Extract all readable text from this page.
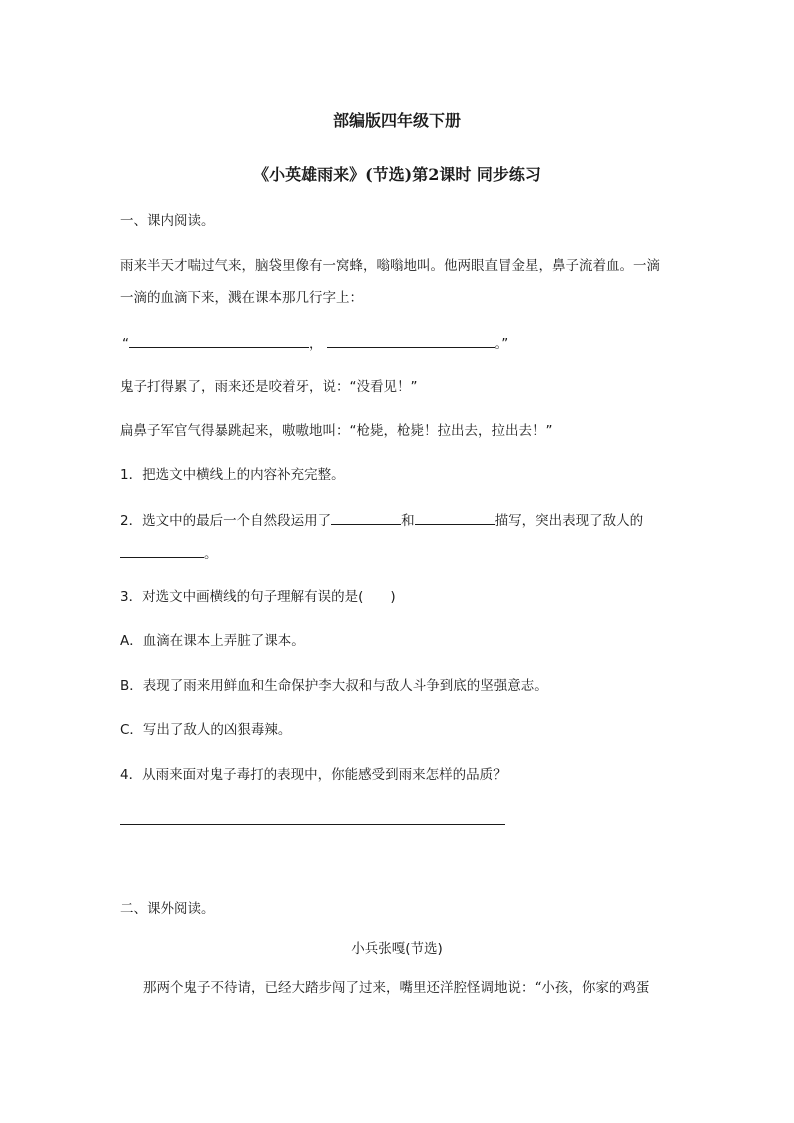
部编版四年级下册
《小英雄雨来》(节选)第2课时 同步练习
一、课内阅读。
雨来半天才喘过气来，脑袋里像有一窝蜂，嗡嗡地叫。他两眼直冒金星，鼻子流着血。一滴
一滴的血滴下来，溅在课本那几行字上：
“	，	。”
鬼子打得累了，雨来还是咬着牙，说：“没看见！”
扁鼻子军官气得暴跳起来，嗷嗷地叫：“枪毙，枪毙！拉出去，拉出去！”
1．把选文中横线上的内容补充完整。
2．选文中的最后一个自然段运用了	和	描写，突出表现了敌人的
。
3．对选文中画横线的句子理解有误的是(　　)
A．血滴在课本上弄脏了课本。
B．表现了雨来用鲜血和生命保护李大叔和与敌人斗争到底的坚强意志。
C．写出了敌人的凶狠毒辣。
4．从雨来面对鬼子毒打的表现中，你能感受到雨来怎样的品质？
二、课外阅读。
小兵张嘎(节选)
那两个鬼子不待请，已经大踏步闯了过来，嘴里还洋腔怪调地说：“小孩，你家的鸡蛋
